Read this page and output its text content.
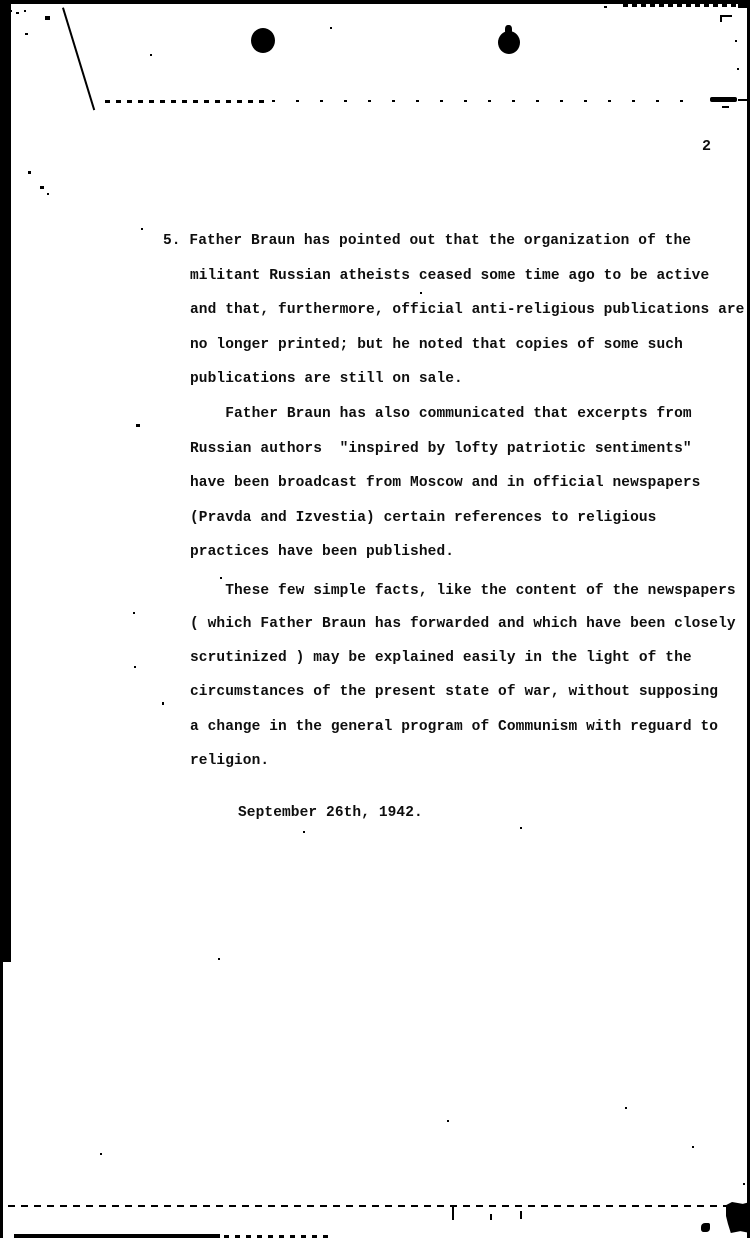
2
5. Father Braun has pointed out that the organization of the
militant Russian atheists ceased some time ago to be active
and that, furthermore, official anti-religious publications are
no longer printed; but he noted that copies of some such
publications are still on sale.
Father Braun has also communicated that excerpts from
Russian authors  "inspired by lofty patriotic sentiments"
have been broadcast from Moscow and in official newspapers
(Pravda and Izvestia) certain references to religious
practices have been published.
These few simple facts, like the content of the newspapers
( which Father Braun has forwarded and which have been closely
scrutinized ) may be explained easily in the light of the
circumstances of the present state of war, without supposing
a change in the general program of Communism with reguard to
religion.
September 26th, 1942.
